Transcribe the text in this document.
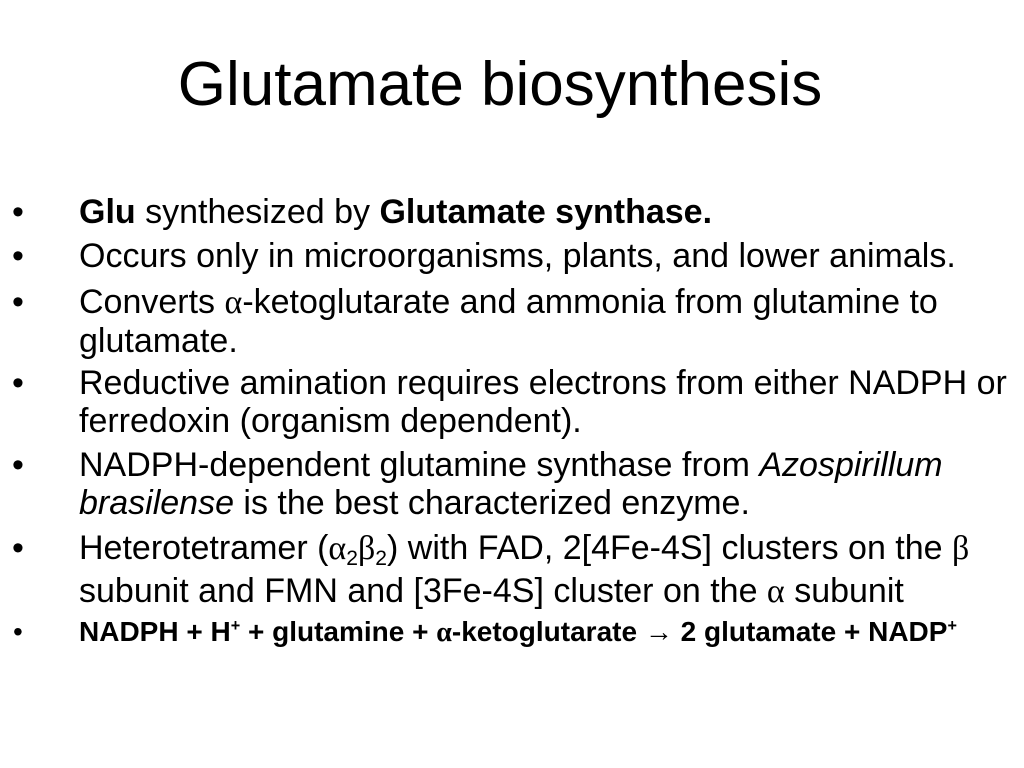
Glutamate biosynthesis
• Glu synthesized by Glutamate synthase.
• Occurs only in microorganisms, plants, and lower animals.
• Converts α-ketoglutarate and ammonia from glutamine to glutamate.
• Reductive amination requires electrons from either NADPH or ferredoxin (organism dependent).
• NADPH-dependent glutamine synthase from Azospirillum brasilense is the best characterized enzyme.
• Heterotetramer (α2β2) with FAD, 2[4Fe-4S] clusters on the β subunit and FMN and [3Fe-4S] cluster on the α subunit
• NADPH + H+ + glutamine + α-ketoglutarate → 2 glutamate + NADP+
